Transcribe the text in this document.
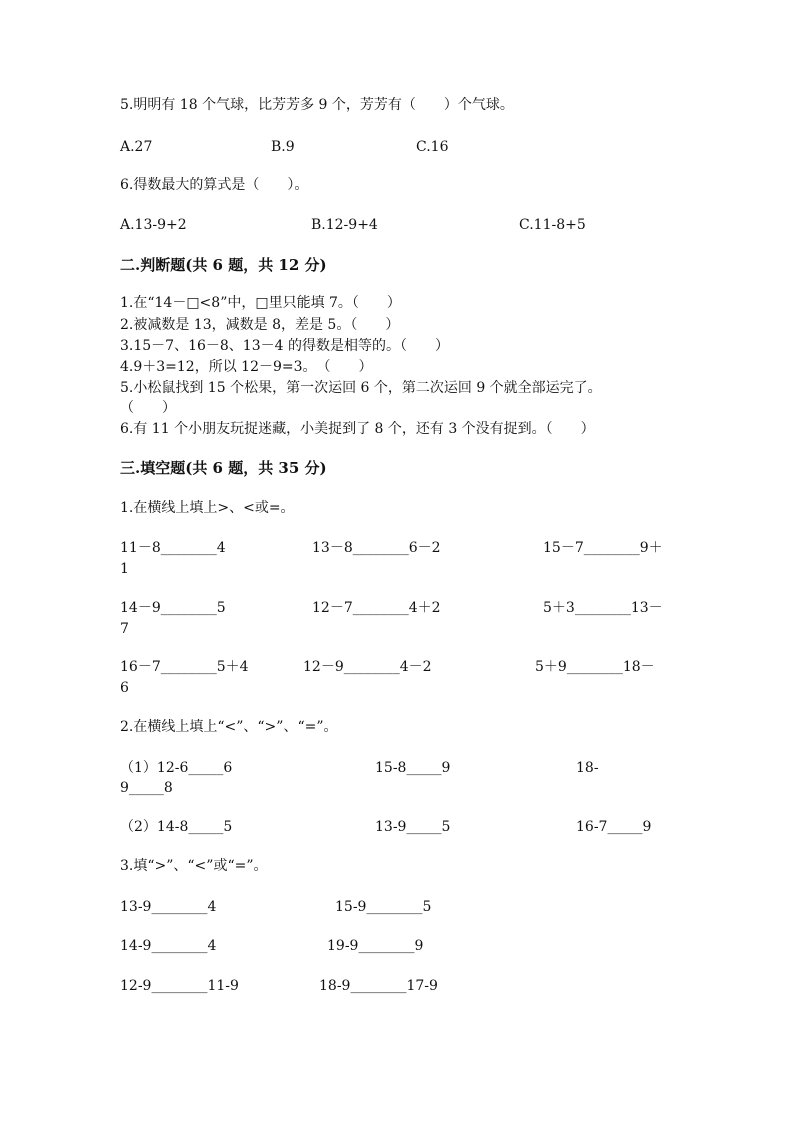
5.明明有 18 个气球，比芳芳多 9 个，芳芳有（　　）个气球。
A.27	B.9	C.16
6.得数最大的算式是（　　）。
A.13-9+2	B.12-9+4	C.11-8+5
二.判断题(共 6 题，共 12 分)
1.在“14－□<8”中，□里只能填 7。（　　）
2.被减数是 13，减数是 8，差是 5。（　　）
3.15－7、16－8、13－4 的得数是相等的。（　　）
4.9＋3=12，所以 12－9=3。　（　　）
5.小松鼠找到 15 个松果，第一次运回 6 个，第二次运回 9 个就全部运完了。
（　　）
6.有 11 个小朋友玩捉迷藏，小美捉到了 8 个，还有 3 个没有捉到。（　　）
三.填空题(共 6 题，共 35 分)
1.在横线上填上>、<或=。
11－8________4	13－8________6－2	15－7________9＋
1
14－9________5	12－7________4＋2	5＋3________13－
7
16－7________5＋4	12－9________4－2	5＋9________18－
6
2.在横线上填上“<”、“>”、“=”。
（1）12-6_____6	15-8_____9	18-
9_____8
（2）14-8_____5	13-9_____5	16-7_____9
3.填“>”、“<”或“=”。
13-9________4	15-9________5
14-9________4	19-9________9
12-9________11-9	18-9________17-9
